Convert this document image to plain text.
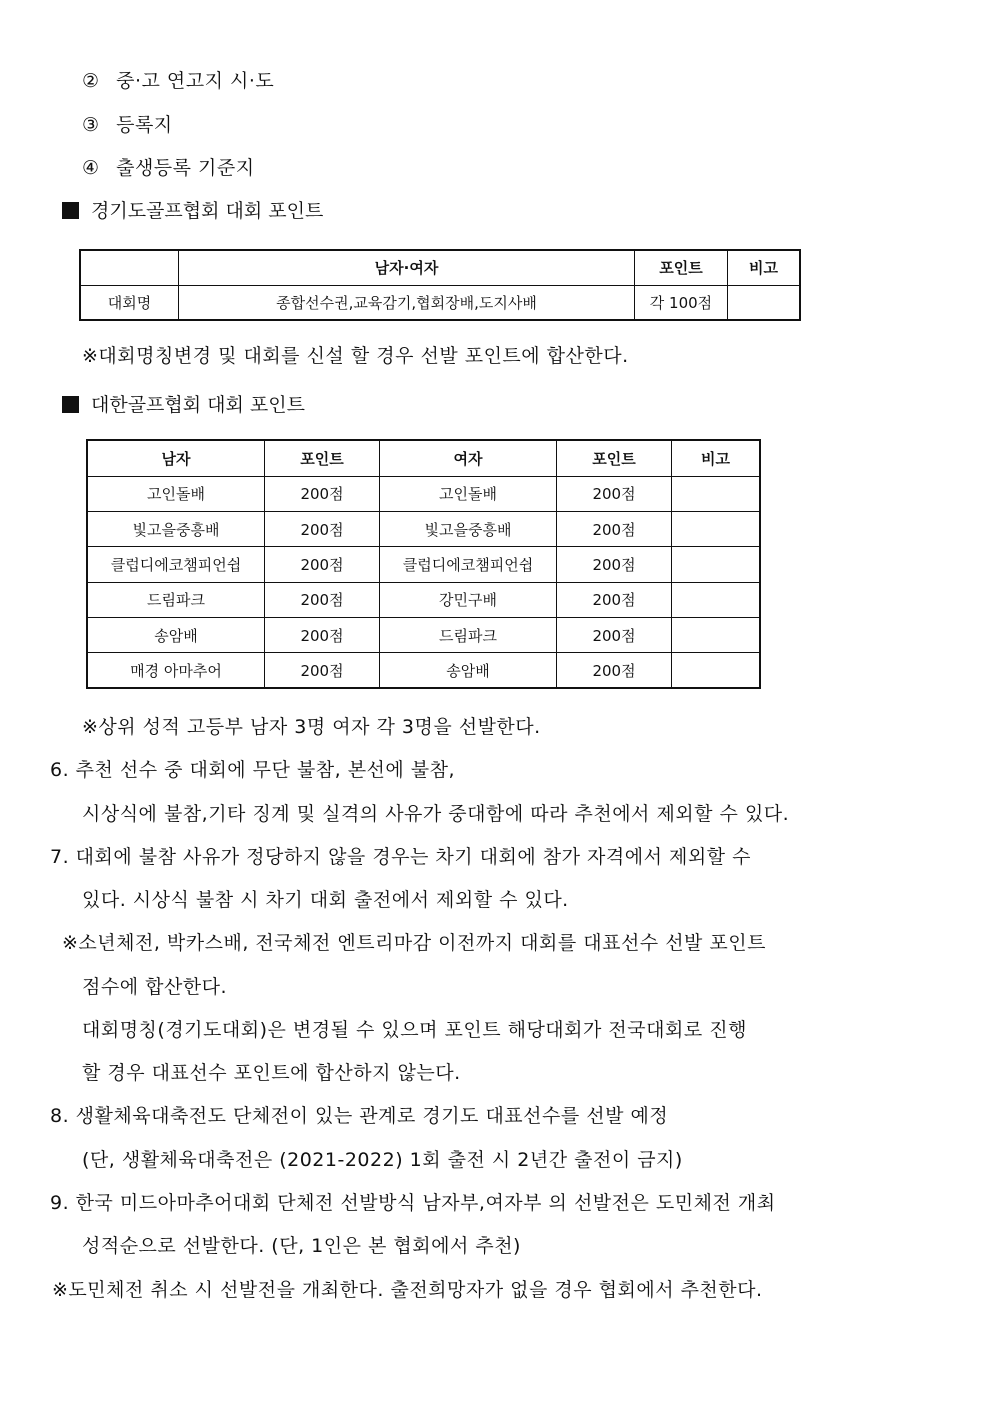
② 중·고 연고지 시·도
③ 등록지
④ 출생등록 기준지
경기도골프협회 대회 포인트
	남자·여자	포인트	비고
대회명	종합선수권,교육감기,협회장배,도지사배	각 100점	
※대회명칭변경 및 대회를 신설 할 경우 선발 포인트에 합산한다.
대한골프협회 대회 포인트
남자	포인트	여자	포인트	비고
고인돌배	200점	고인돌배	200점	
빛고을중흥배	200점	빛고을중흥배	200점	
클럽디에코챔피언쉽	200점	클럽디에코챔피언쉽	200점	
드림파크	200점	강민구배	200점	
송암배	200점	드림파크	200점	
매경 아마추어	200점	송암배	200점	
※상위 성적 고등부 남자 3명 여자 각 3명을 선발한다.
6. 추천 선수 중 대회에 무단 불참, 본선에 불참,
시상식에 불참,기타 징계 및 실격의 사유가 중대함에 따라 추천에서 제외할 수 있다.
7. 대회에 불참 사유가 정당하지 않을 경우는 차기 대회에 참가 자격에서 제외할 수
있다. 시상식 불참 시 차기 대회 출전에서 제외할 수 있다.
※소년체전, 박카스배, 전국체전 엔트리마감 이전까지 대회를 대표선수 선발 포인트
점수에 합산한다.
대회명칭(경기도대회)은 변경될 수 있으며 포인트 해당대회가 전국대회로 진행
할 경우 대표선수 포인트에 합산하지 않는다.
8. 생활체육대축전도 단체전이 있는 관계로 경기도 대표선수를 선발 예정
(단, 생활체육대축전은 (2021-2022) 1회 출전 시 2년간 출전이 금지)
9. 한국 미드아마추어대회 단체전 선발방식 남자부,여자부 의 선발전은 도민체전 개최
성적순으로 선발한다. (단, 1인은 본 협회에서 추천)
※도민체전 취소 시 선발전을 개최한다. 출전희망자가 없을 경우 협회에서 추천한다.
